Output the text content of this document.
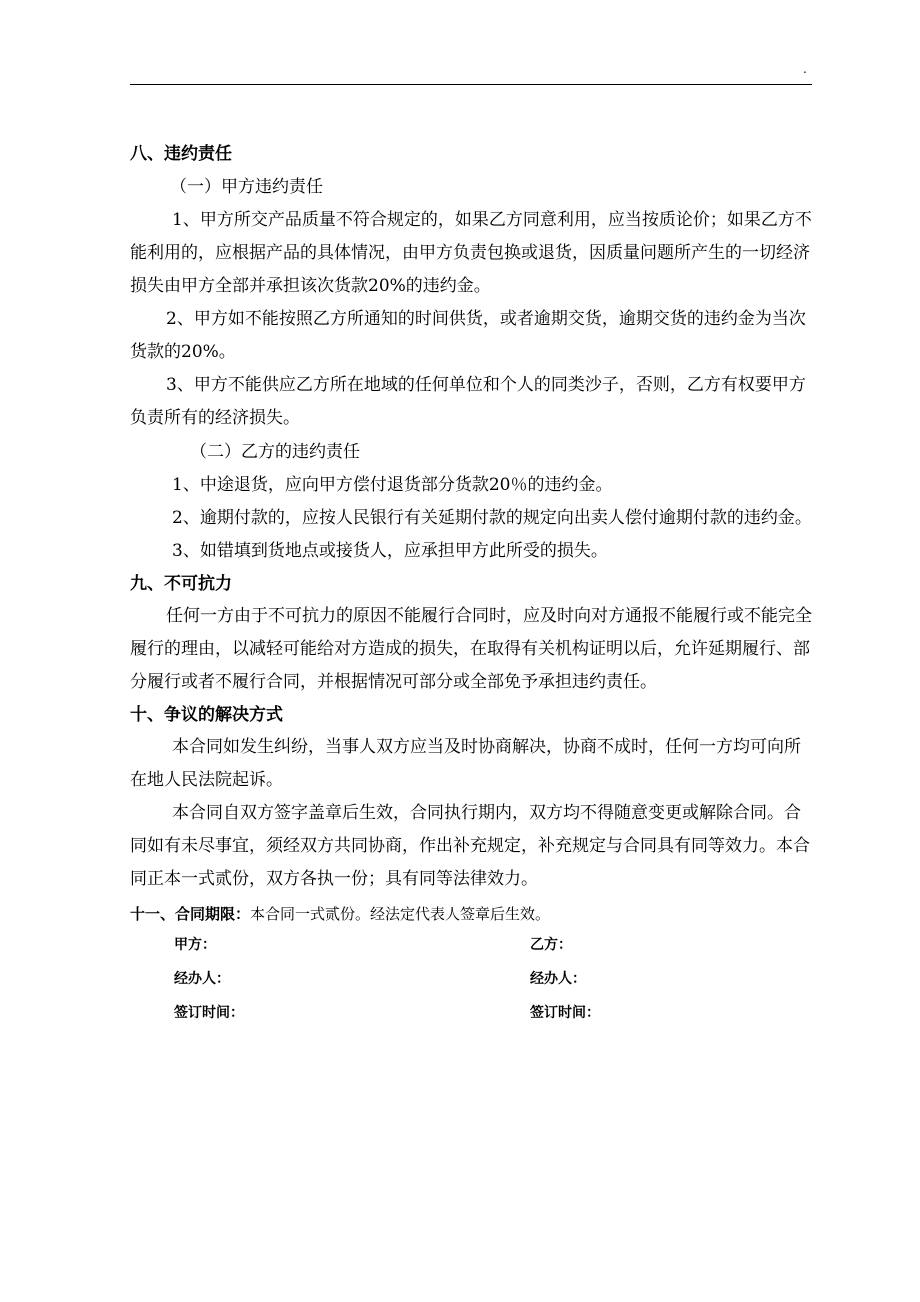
.

八、违约责任

（一）甲方违约责任

1、甲方所交产品质量不符合规定的，如果乙方同意利用，应当按质论价；如果乙方不能利用的，应根据产品的具体情况，由甲方负责包换或退货，因质量问题所产生的一切经济损失由甲方全部并承担该次货款20%的违约金。

2、甲方如不能按照乙方所通知的时间供货，或者逾期交货，逾期交货的违约金为当次货款的20%。

3、甲方不能供应乙方所在地域的任何单位和个人的同类沙子，否则，乙方有权要甲方负责所有的经济损失。

（二）乙方的违约责任

1、中途退货，应向甲方偿付退货部分货款20％的违约金。

2、逾期付款的，应按人民银行有关延期付款的规定向出卖人偿付逾期付款的违约金。

3、如错填到货地点或接货人，应承担甲方此所受的损失。

九、不可抗力

任何一方由于不可抗力的原因不能履行合同时，应及时向对方通报不能履行或不能完全履行的理由，以减轻可能给对方造成的损失，在取得有关机构证明以后，允许延期履行、部分履行或者不履行合同，并根据情况可部分或全部免予承担违约责任。

十、争议的解决方式

本合同如发生纠纷，当事人双方应当及时协商解决，协商不成时，任何一方均可向所在地人民法院起诉。

本合同自双方签字盖章后生效，合同执行期内，双方均不得随意变更或解除合同。合同如有未尽事宜，须经双方共同协商，作出补充规定，补充规定与合同具有同等效力。本合同正本一式贰份，双方各执一份；具有同等法律效力。

十一、合同期限：本合同一式贰份。经法定代表人签章后生效。

甲方：	乙方：
经办人：	经办人：
签订时间：	签订时间：
